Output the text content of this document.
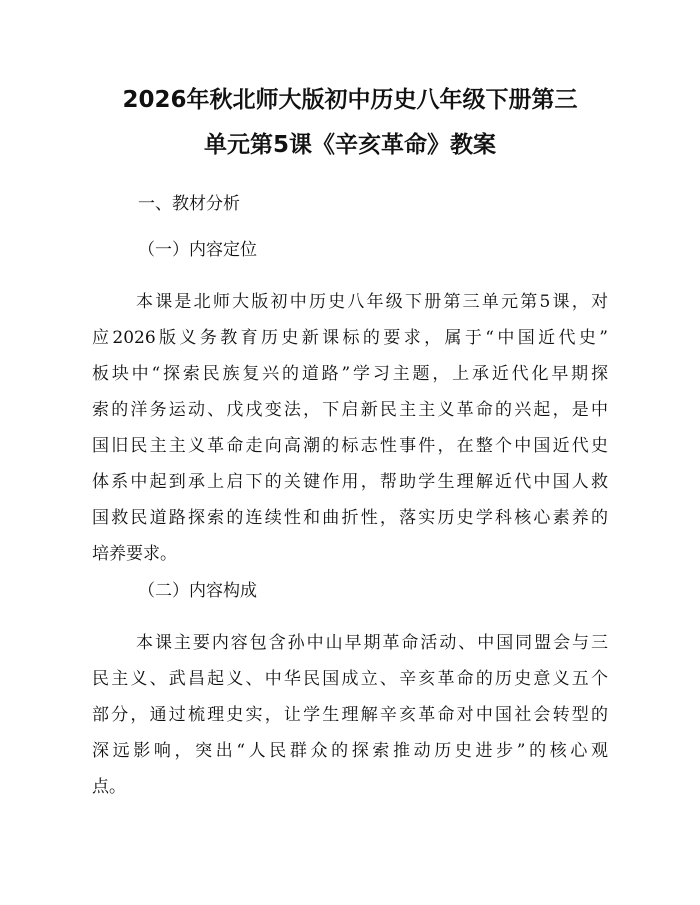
2026年秋北师大版初中历史八年级下册第三
单元第5课《辛亥革命》教案
一、教材分析
（一）内容定位
本课是北师大版初中历史八年级下册第三单元第5课，对
应2026版义务教育历史新课标的要求，属于“中国近代史”
板块中“探索民族复兴的道路”学习主题，上承近代化早期探
索的洋务运动、戊戌变法，下启新民主主义革命的兴起，是中
国旧民主主义革命走向高潮的标志性事件，在整个中国近代史
体系中起到承上启下的关键作用，帮助学生理解近代中国人救
国救民道路探索的连续性和曲折性，落实历史学科核心素养的
培养要求。
（二）内容构成
本课主要内容包含孙中山早期革命活动、中国同盟会与三
民主义、武昌起义、中华民国成立、辛亥革命的历史意义五个
部分，通过梳理史实，让学生理解辛亥革命对中国社会转型的
深远影响，突出“人民群众的探索推动历史进步”的核心观
点。
